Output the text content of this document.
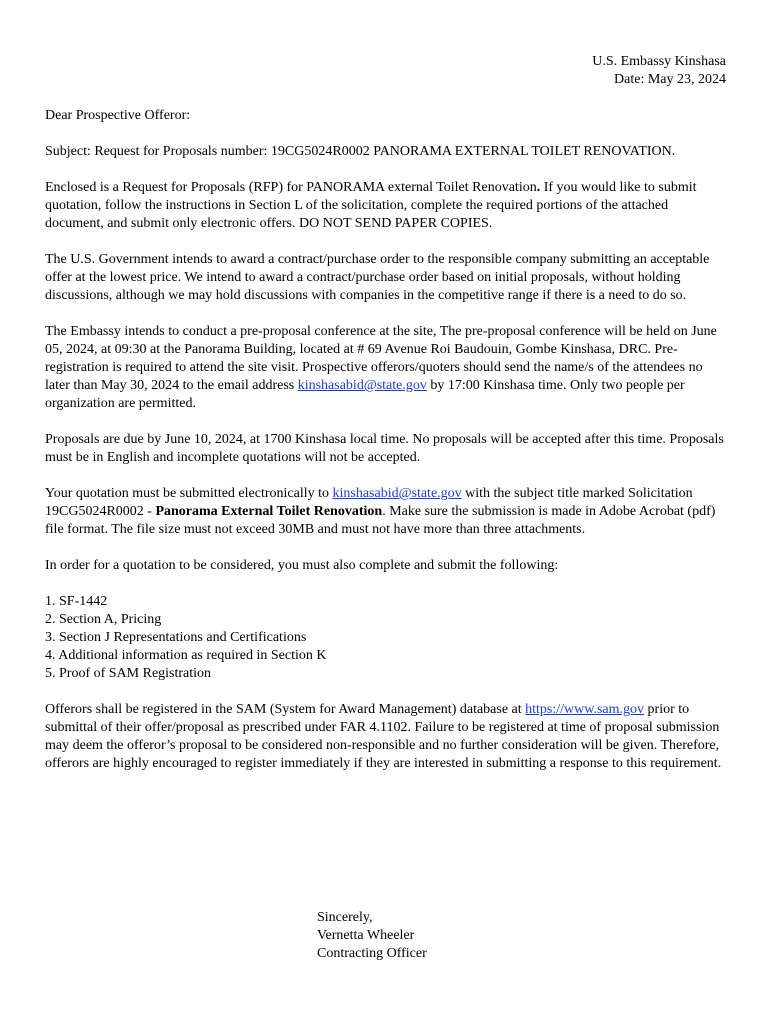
U.S. Embassy Kinshasa
Date: May 23, 2024

Dear Prospective Offeror:

Subject: Request for Proposals number: 19CG5024R0002 PANORAMA EXTERNAL TOILET RENOVATION.

Enclosed is a Request for Proposals (RFP) for PANORAMA external Toilet Renovation. If you would like to submit quotation, follow the instructions in Section L of the solicitation, complete the required portions of the attached document, and submit only electronic offers. DO NOT SEND PAPER COPIES.

The U.S. Government intends to award a contract/purchase order to the responsible company submitting an acceptable offer at the lowest price. We intend to award a contract/purchase order based on initial proposals, without holding discussions, although we may hold discussions with companies in the competitive range if there is a need to do so.

The Embassy intends to conduct a pre-proposal conference at the site, The pre-proposal conference will be held on June 05, 2024, at 09:30 at the Panorama Building, located at # 69 Avenue Roi Baudouin, Gombe Kinshasa, DRC. Pre-registration is required to attend the site visit. Prospective offerors/quoters should send the name/s of the attendees no later than May 30, 2024 to the email address kinshasabid@state.gov by 17:00 Kinshasa time. Only two people per organization are permitted.

Proposals are due by June 10, 2024, at 1700 Kinshasa local time. No proposals will be accepted after this time. Proposals must be in English and incomplete quotations will not be accepted.

Your quotation must be submitted electronically to kinshasabid@state.gov with the subject title marked Solicitation 19CG5024R0002 - Panorama External Toilet Renovation. Make sure the submission is made in Adobe Acrobat (pdf) file format. The file size must not exceed 30MB and must not have more than three attachments.

In order for a quotation to be considered, you must also complete and submit the following:

1. SF-1442
2. Section A, Pricing
3. Section J Representations and Certifications
4. Additional information as required in Section K
5. Proof of SAM Registration

Offerors shall be registered in the SAM (System for Award Management) database at https://www.sam.gov prior to submittal of their offer/proposal as prescribed under FAR 4.1102. Failure to be registered at time of proposal submission may deem the offeror’s proposal to be considered non-responsible and no further consideration will be given. Therefore, offerors are highly encouraged to register immediately if they are interested in submitting a response to this requirement.

Sincerely,
Vernetta Wheeler
Contracting Officer
